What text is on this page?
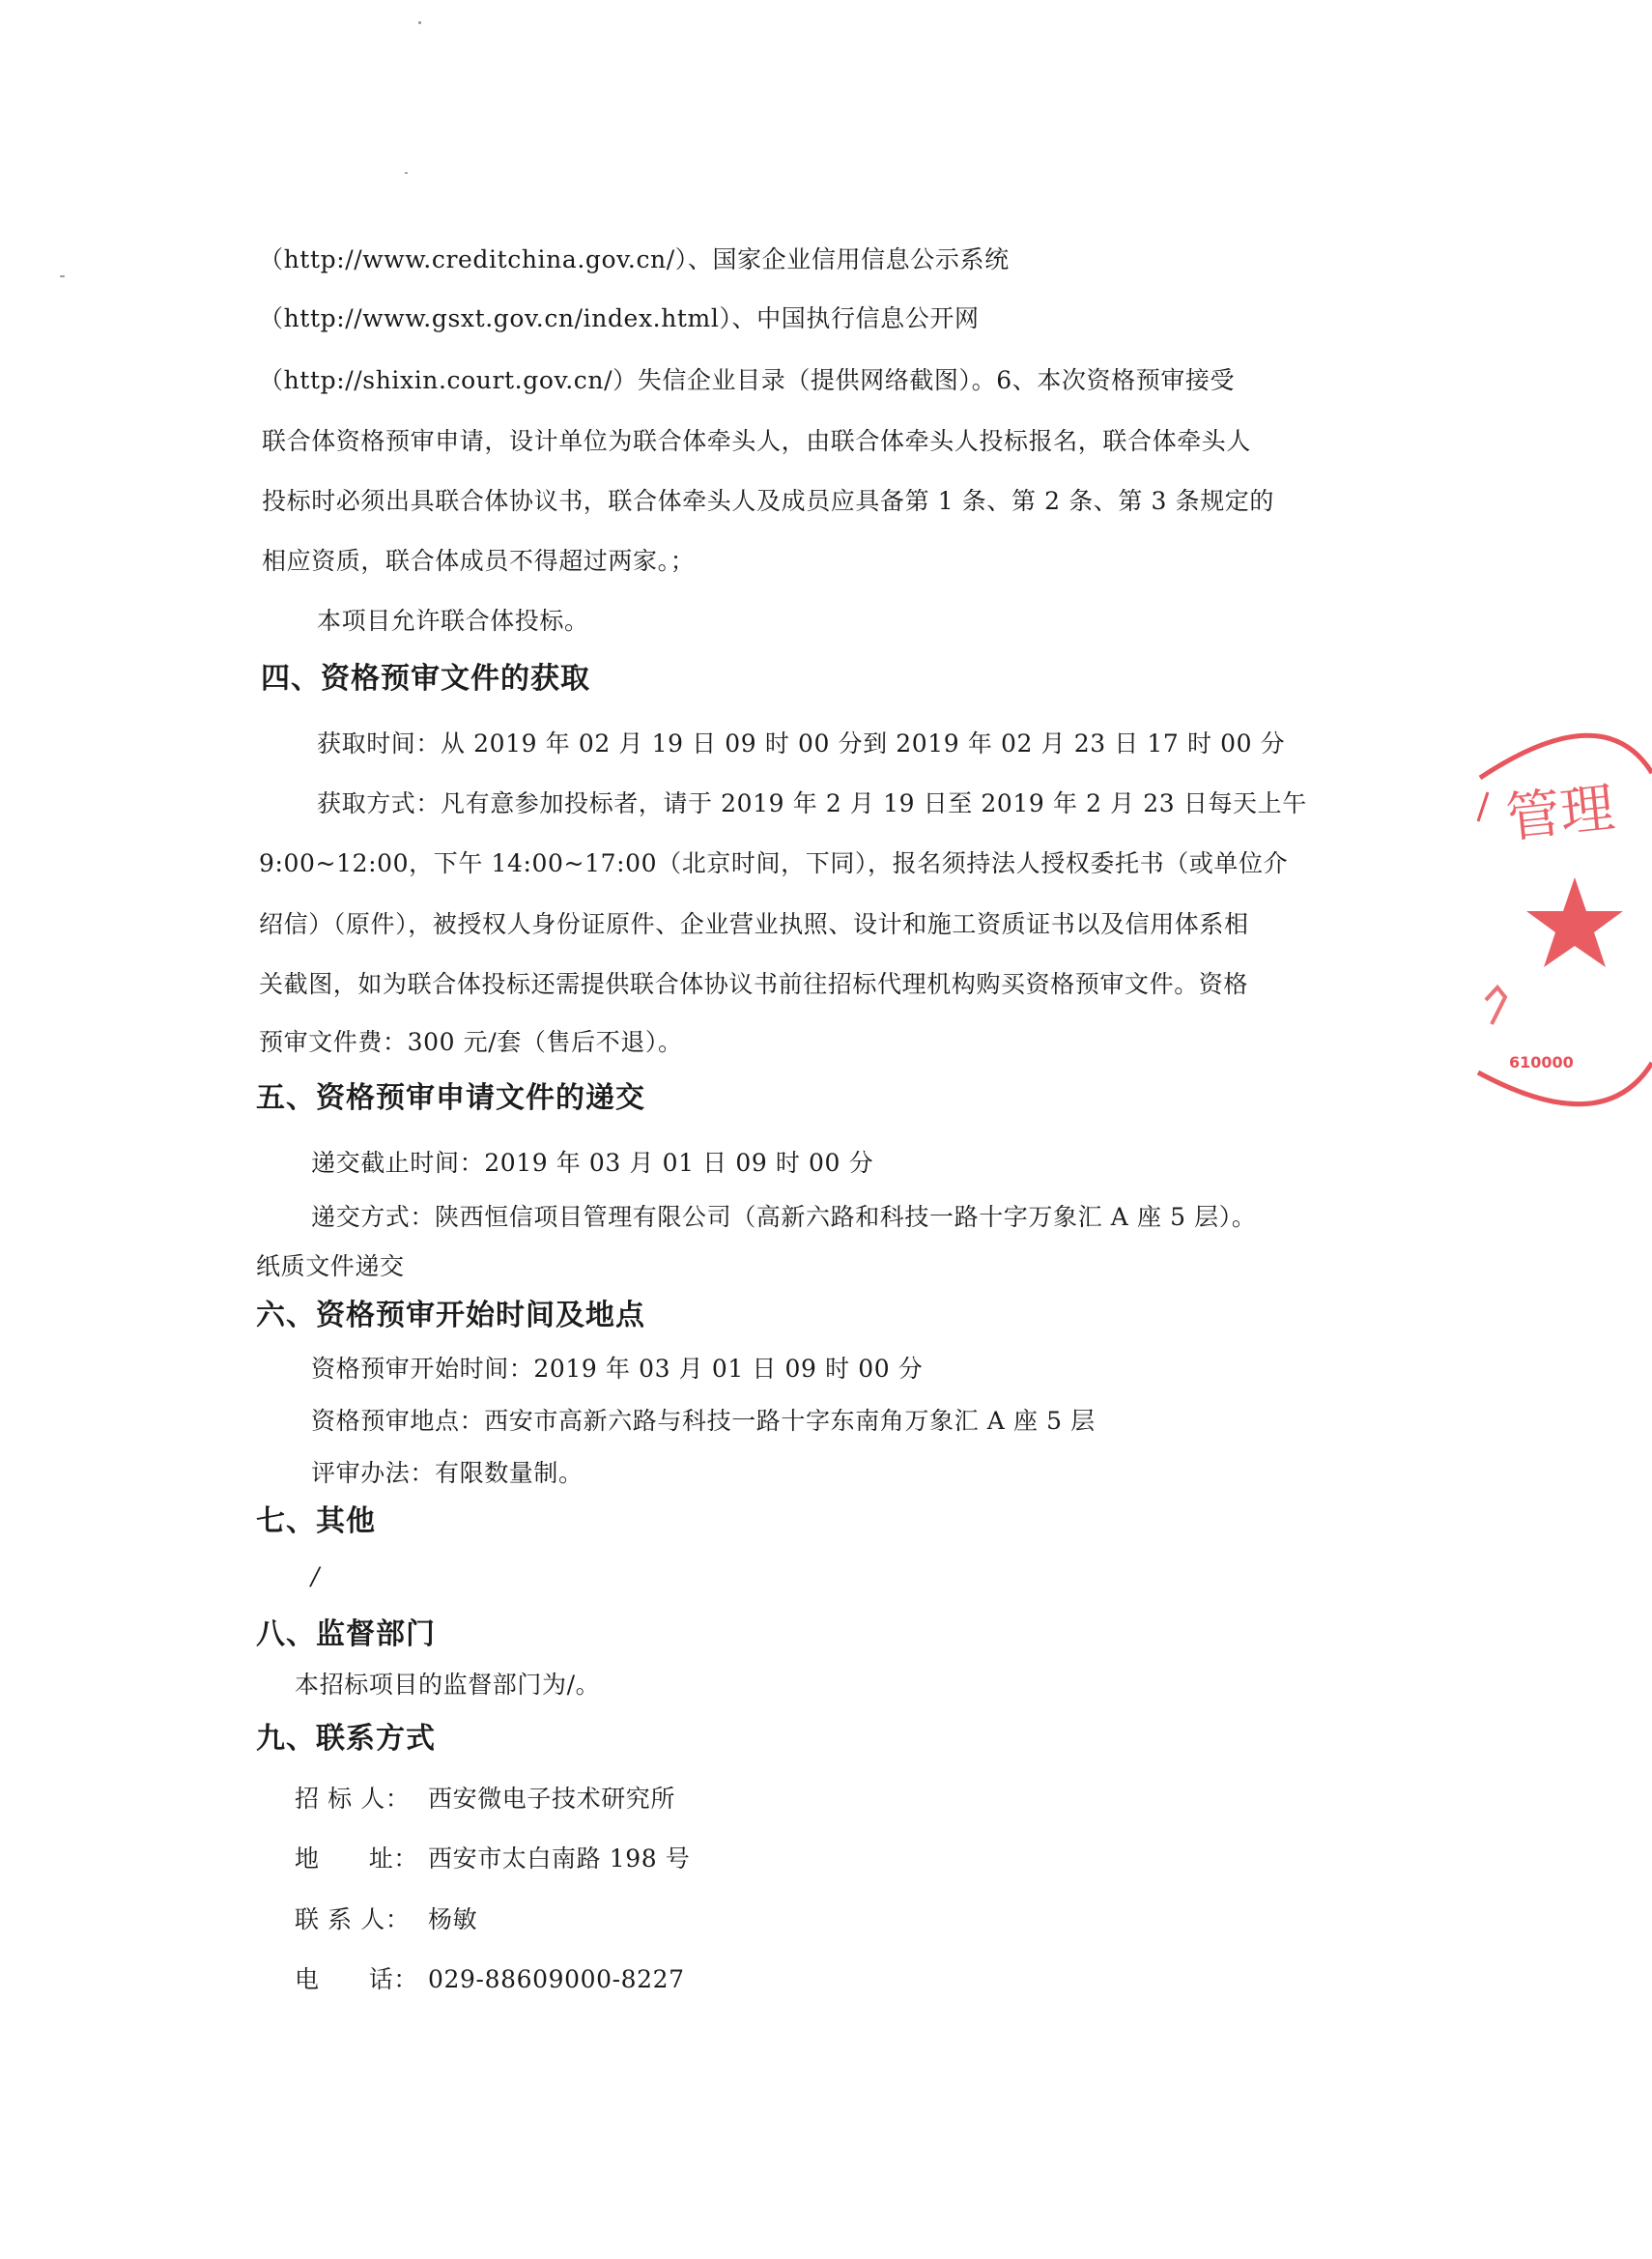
（http://www.creditchina.gov.cn/）、国家企业信用信息公示系统
（http://www.gsxt.gov.cn/index.html）、中国执行信息公开网
（http://shixin.court.gov.cn/）失信企业目录（提供网络截图）。6、本次资格预审接受
联合体资格预审申请，设计单位为联合体牵头人，由联合体牵头人投标报名，联合体牵头人
投标时必须出具联合体协议书，联合体牵头人及成员应具备第 1 条、第 2 条、第 3 条规定的
相应资质，联合体成员不得超过两家。；
本项目允许联合体投标。
四、资格预审文件的获取
获取时间：从 2019 年 02 月 19 日 09 时 00 分到 2019 年 02 月 23 日 17 时 00 分
获取方式：凡有意参加投标者，请于 2019 年 2 月 19 日至 2019 年 2 月 23 日每天上午
9:00~12:00，下午 14:00~17:00（北京时间，下同），报名须持法人授权委托书（或单位介
绍信）（原件），被授权人身份证原件、企业营业执照、设计和施工资质证书以及信用体系相
关截图，如为联合体投标还需提供联合体协议书前往招标代理机构购买资格预审文件。资格
预审文件费：300 元/套（售后不退）。
五、资格预审申请文件的递交
递交截止时间：2019 年 03 月 01 日 09 时 00 分
递交方式：陕西恒信项目管理有限公司（高新六路和科技一路十字万象汇 A 座 5 层）。
纸质文件递交
六、资格预审开始时间及地点
资格预审开始时间：2019 年 03 月 01 日 09 时 00 分
资格预审地点：西安市高新六路与科技一路十字东南角万象汇 A 座 5 层
评审办法：有限数量制。
七、其他
/
八、监督部门
本招标项目的监督部门为/。
九、联系方式
招 标 人： 西安微电子技术研究所
地　　址： 西安市太白南路 198 号
联 系 人： 杨敏
电　　话： 029-88609000-8227
管理
610000
